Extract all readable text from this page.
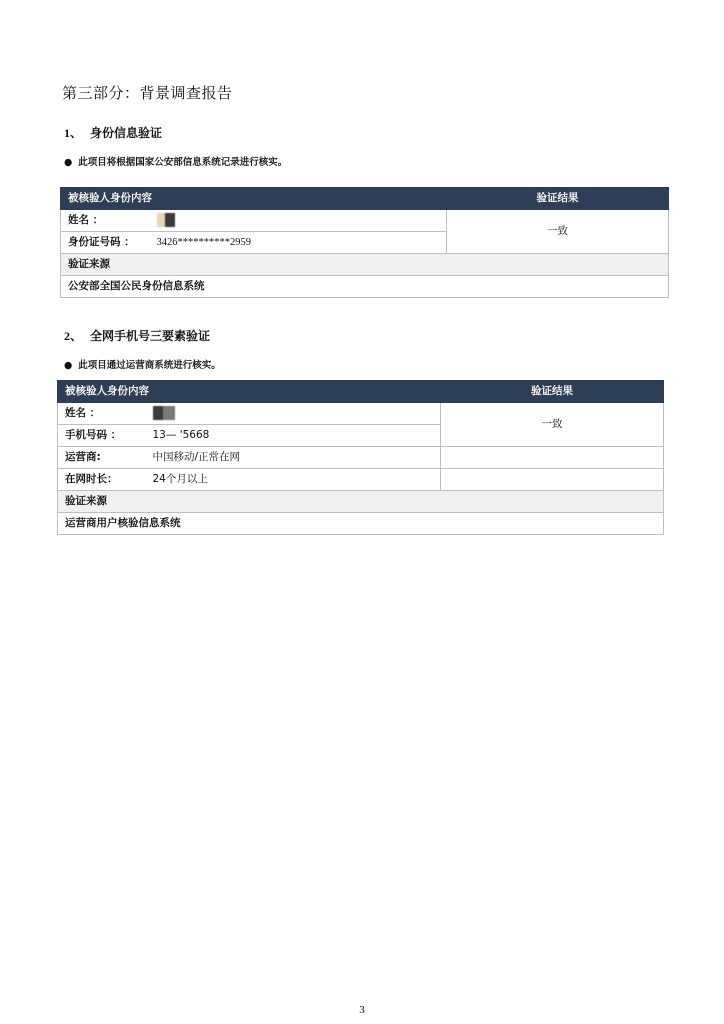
第三部分：背景调查报告
1、 身份信息验证
● 此项目将根据国家公安部信息系统记录进行核实。
被核验人身份内容		验证结果
姓名 ：		一致
身份证号码 ：	3426**********2959	
验证来源		
公安部全国公民身份信息系统		
2、 全网手机号三要素验证
● 此项目通过运营商系统进行核实。
被核验人身份内容		验证结果
姓名 ：		一致
手机号码 ：	13— '5668	
运营商:	中国移动/正常在网	
在网时长：	24个月以上	
验证来源		
运营商用户核验信息系统		
3
